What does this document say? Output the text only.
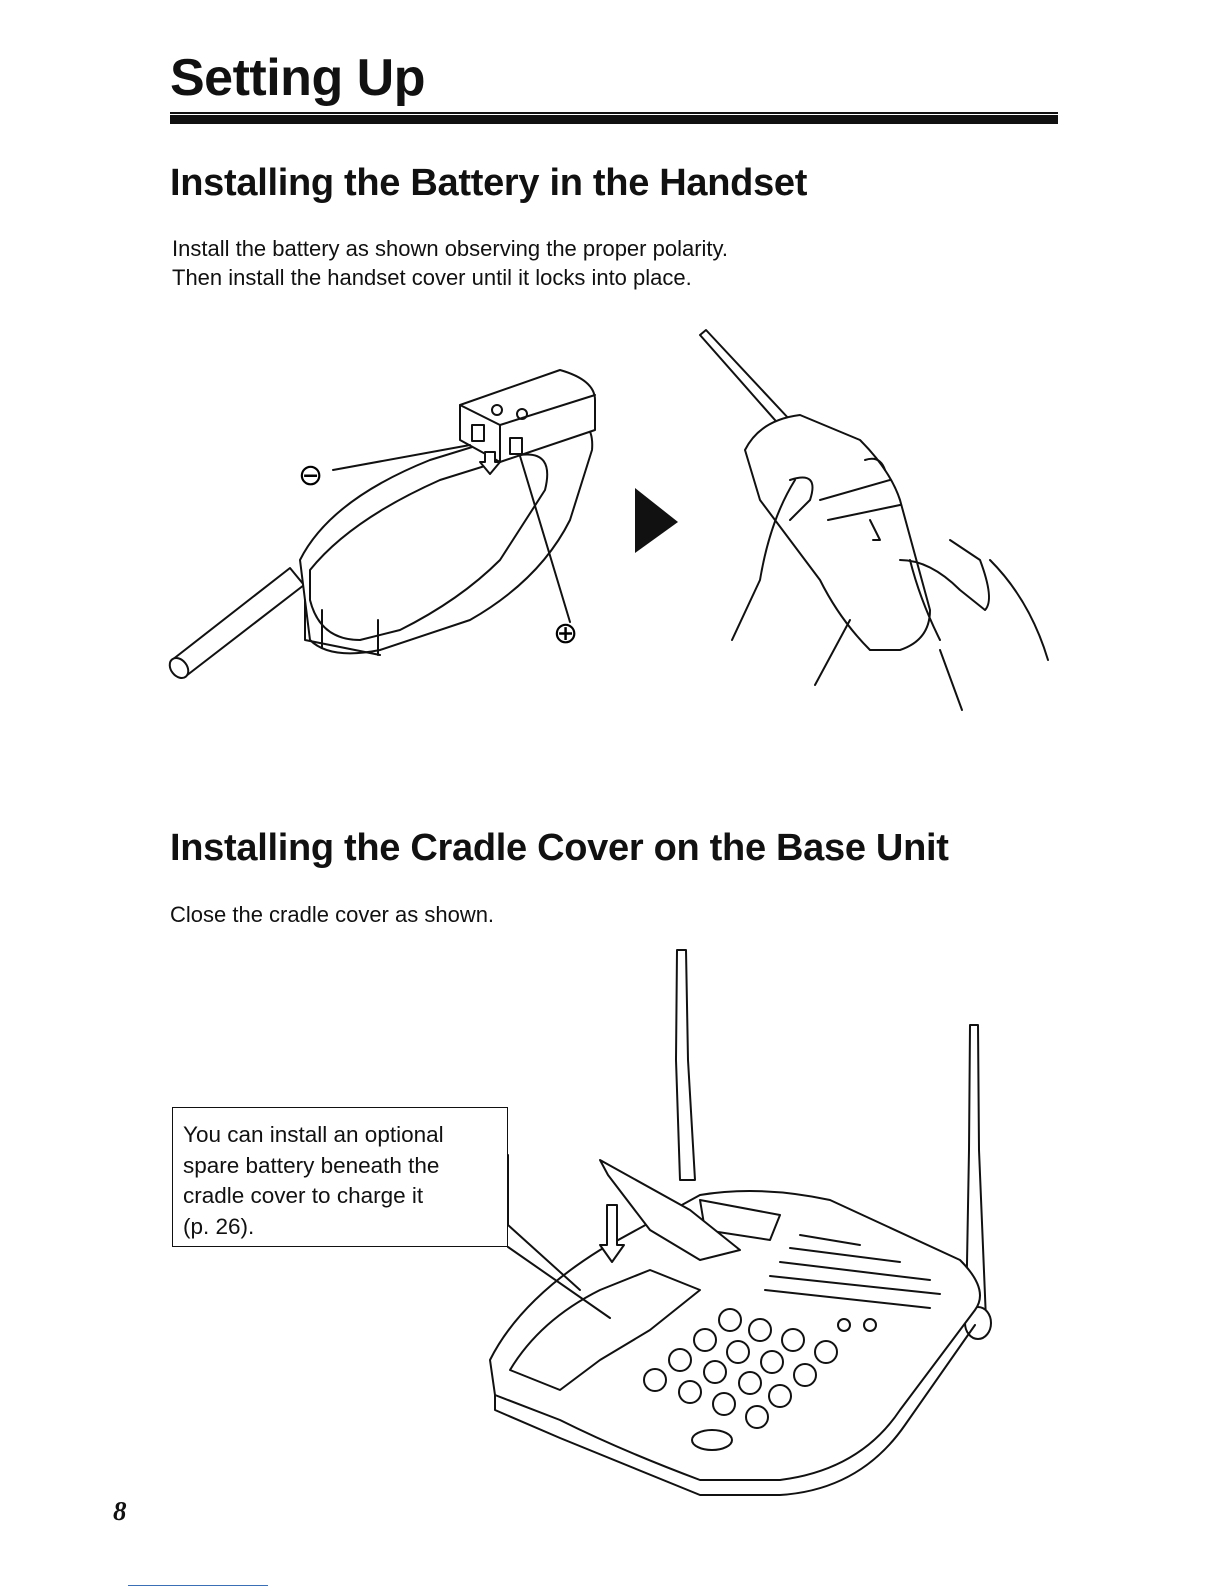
Setting Up
Installing the Battery in the Handset
Install the battery as shown observing the proper polarity.
Then install the handset cover until it locks into place.
⊖
⊕
Installing the Cradle Cover on the Base Unit
Close the cradle cover as shown.
You can install an optional
spare battery beneath the
cradle cover to charge it
(p. 26).
8
